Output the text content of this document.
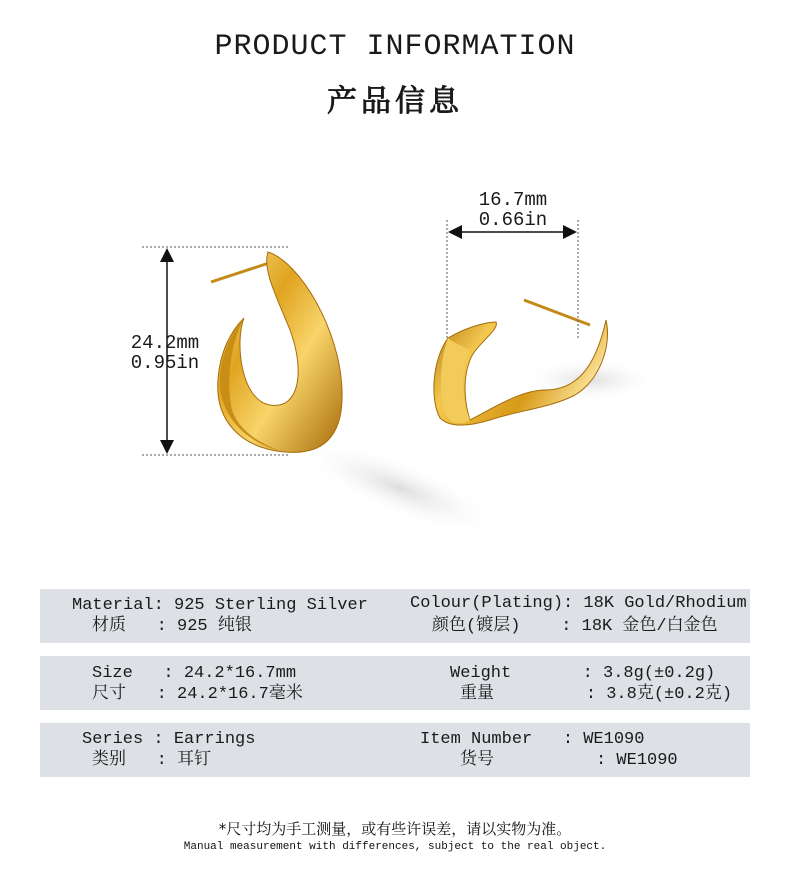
PRODUCT INFORMATION
产品信息
24.2mm
0.95in
16.7mm
0.66in
Material: 925 Sterling Silver
材质   : 925 纯银
Colour(Plating): 18K Gold/Rhodium
颜色(镀层)    : 18K 金色/白金色
Size   : 24.2*16.7mm
尺寸   : 24.2*16.7毫米
Weight       : 3.8g(±0.2g)
重量         : 3.8克(±0.2克)
Series : Earrings
类别   : 耳钉
Item Number   : WE1090
货号          : WE1090
*尺寸均为手工测量，或有些许误差，请以实物为准。
Manual measurement with differences, subject to the real object.
